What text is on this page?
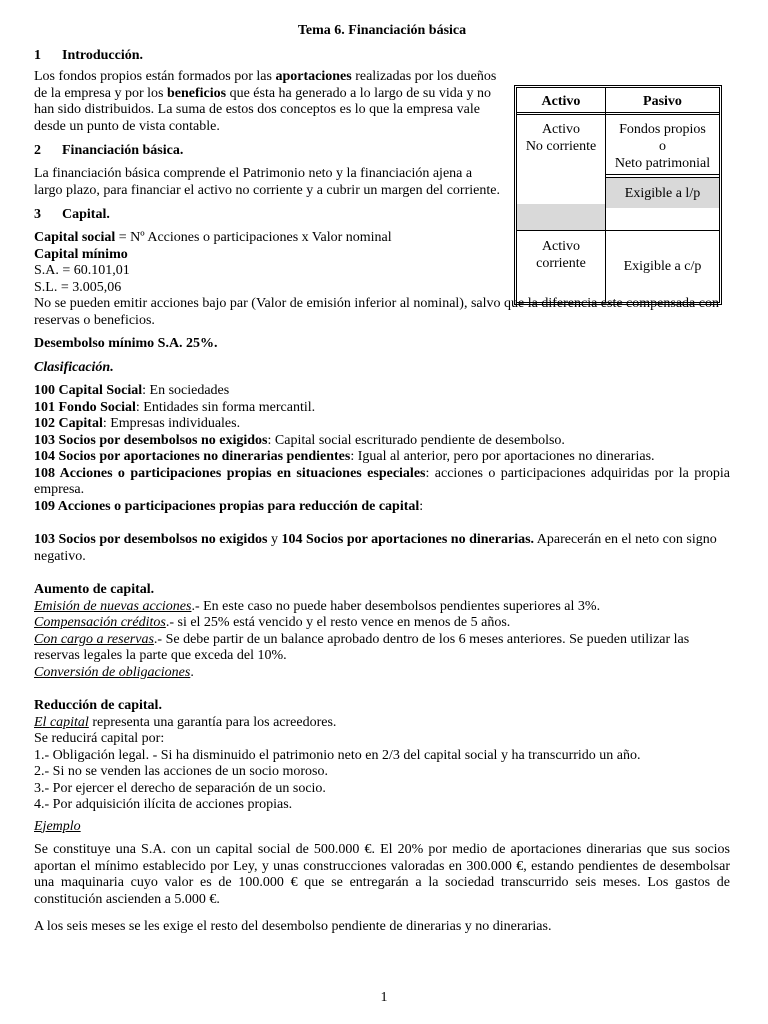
Tema 6. Financiación básica
1 Introducción.

Los fondos propios están formados por las aportaciones realizadas por los dueños de la empresa y por los beneficios que ésta ha generado a lo largo de su vida y no han sido distribuidos. La suma de estos dos conceptos es lo que la empresa vale desde un punto de vista contable.

2 Financiación básica.

La financiación básica comprende el Patrimonio neto y la financiación ajena a largo plazo, para financiar el activo no corriente y a cubrir un margen del corriente.

3 Capital.

Capital social = Nº Acciones o participaciones x Valor nominal

Capital mínimo

S.A. = 60.101,01

S.L. = 3.005,06

No se pueden emitir acciones bajo par (Valor de emisión inferior al nominal), salvo que la diferencia este compensada con reservas o beneficios.

Desembolso mínimo S.A. 25%.

Clasificación.

100 Capital Social: En sociedades

101 Fondo Social: Entidades sin forma mercantil.

102 Capital: Empresas individuales.

103 Socios por desembolsos no exigidos: Capital social escriturado pendiente de desembolso.

104 Socios por aportaciones no dinerarias pendientes: Igual al anterior, pero por aportaciones no dinerarias.

108 Acciones o participaciones propias en situaciones especiales: acciones o participaciones adquiridas por la propia empresa.

109 Acciones o participaciones propias para reducción de capital:

103 Socios por desembolsos no exigidos y 104 Socios por aportaciones no dinerarias. Aparecerán en el neto con signo negativo.

Aumento de capital.

Emisión de nuevas acciones.- En este caso no puede haber desembolsos pendientes superiores al 3%.

Compensación créditos.- si el 25% está vencido y el resto vence en menos de 5 años.

Con cargo a reservas.- Se debe partir de un balance aprobado dentro de los 6 meses anteriores. Se pueden utilizar las reservas legales la parte que exceda del 10%.

Conversión de obligaciones.

Reducción de capital.

El capital representa una garantía para los acreedores.

Se reducirá capital por:

1.- Obligación legal. - Si ha disminuido el patrimonio neto en 2/3 del capital social y ha transcurrido un año.

2.- Si no se venden las acciones de un socio moroso.

3.- Por ejercer el derecho de separación de un socio.

4.- Por adquisición ilícita de acciones propias.

Ejemplo

Se constituye una S.A. con un capital social de 500.000 €. El 20% por medio de aportaciones dinerarias que sus socios aportan el mínimo establecido por Ley, y unas construcciones valoradas en 300.000 €, estando pendientes de desembolsar una maquinaria cuyo valor es de 100.000 € que se entregarán a la sociedad transcurrido seis meses. Los gastos de constitución ascienden a 5.000 €.

A los seis meses se les exige el resto del desembolso pendiente de dinerarias y no dinerarias.

Activo	Pasivo
Activo
No corriente
Activo
corriente
Fondos propios
o
Neto patrimonial
Exigible a l/p
Exigible a c/p
1
